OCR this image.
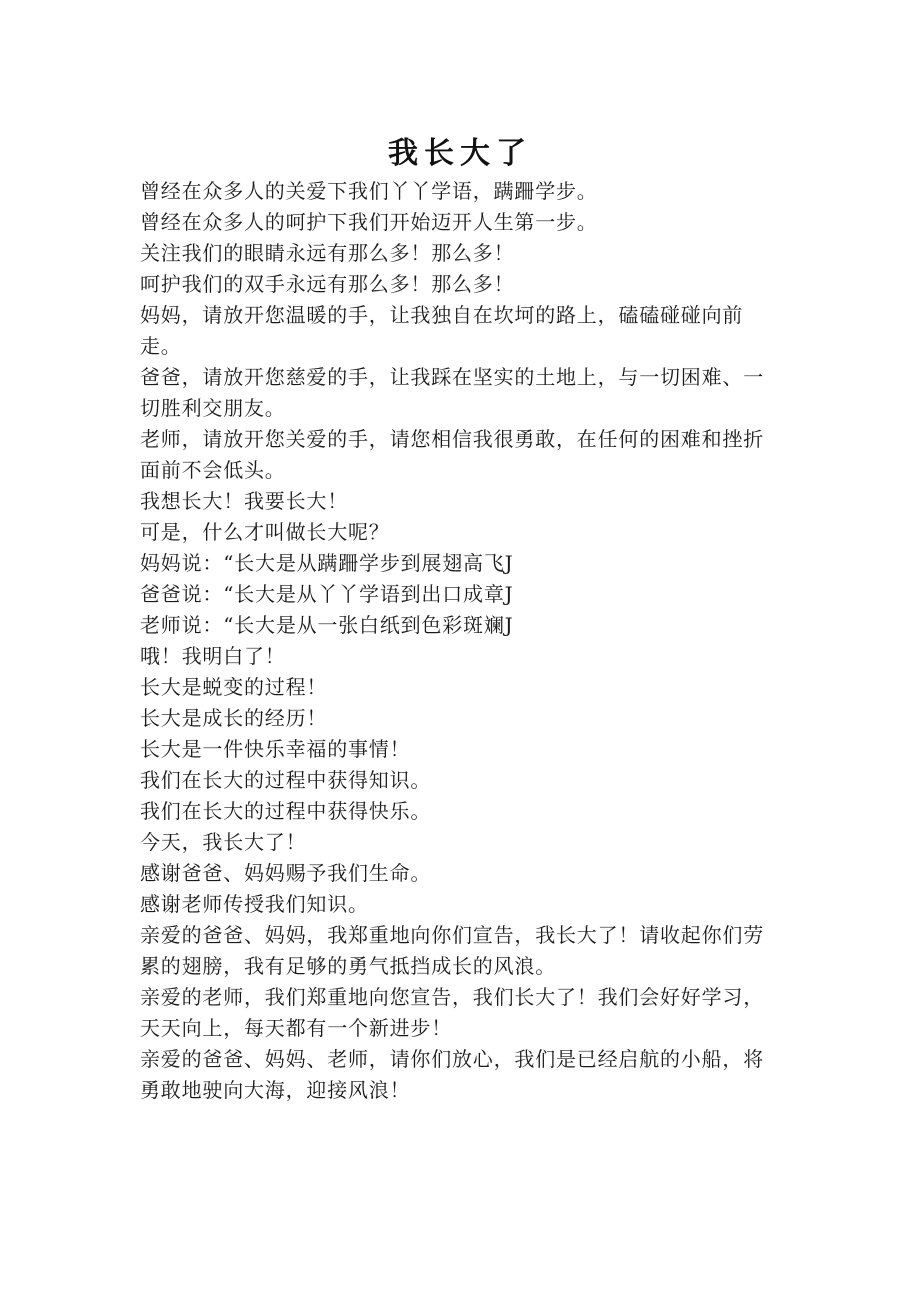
我长大了

曾经在众多人的关爱下我们丫丫学语，蹒跚学步。

曾经在众多人的呵护下我们开始迈开人生第一步。

关注我们的眼睛永远有那么多！那么多！

呵护我们的双手永远有那么多！那么多！

妈妈，请放开您温暖的手，让我独自在坎坷的路上，磕磕碰碰向前走。

爸爸，请放开您慈爱的手，让我踩在坚实的土地上，与一切困难、一切胜利交朋友。

老师，请放开您关爱的手，请您相信我很勇敢，在任何的困难和挫折面前不会低头。

我想长大！我要长大！

可是，什么才叫做长大呢？

妈妈说：“长大是从蹒跚学步到展翅高飞J

爸爸说：“长大是从丫丫学语到出口成章J

老师说：“长大是从一张白纸到色彩斑斓J

哦！我明白了！

长大是蜕变的过程！

长大是成长的经历！

长大是一件快乐幸福的事情！

我们在长大的过程中获得知识。

我们在长大的过程中获得快乐。

今天，我长大了！

感谢爸爸、妈妈赐予我们生命。

感谢老师传授我们知识。

亲爱的爸爸、妈妈，我郑重地向你们宣告，我长大了！请收起你们劳累的翅膀，我有足够的勇气抵挡成长的风浪。

亲爱的老师，我们郑重地向您宣告，我们长大了！我们会好好学习，天天向上，每天都有一个新进步！

亲爱的爸爸、妈妈、老师，请你们放心，我们是已经启航的小船，将勇敢地驶向大海，迎接风浪！
